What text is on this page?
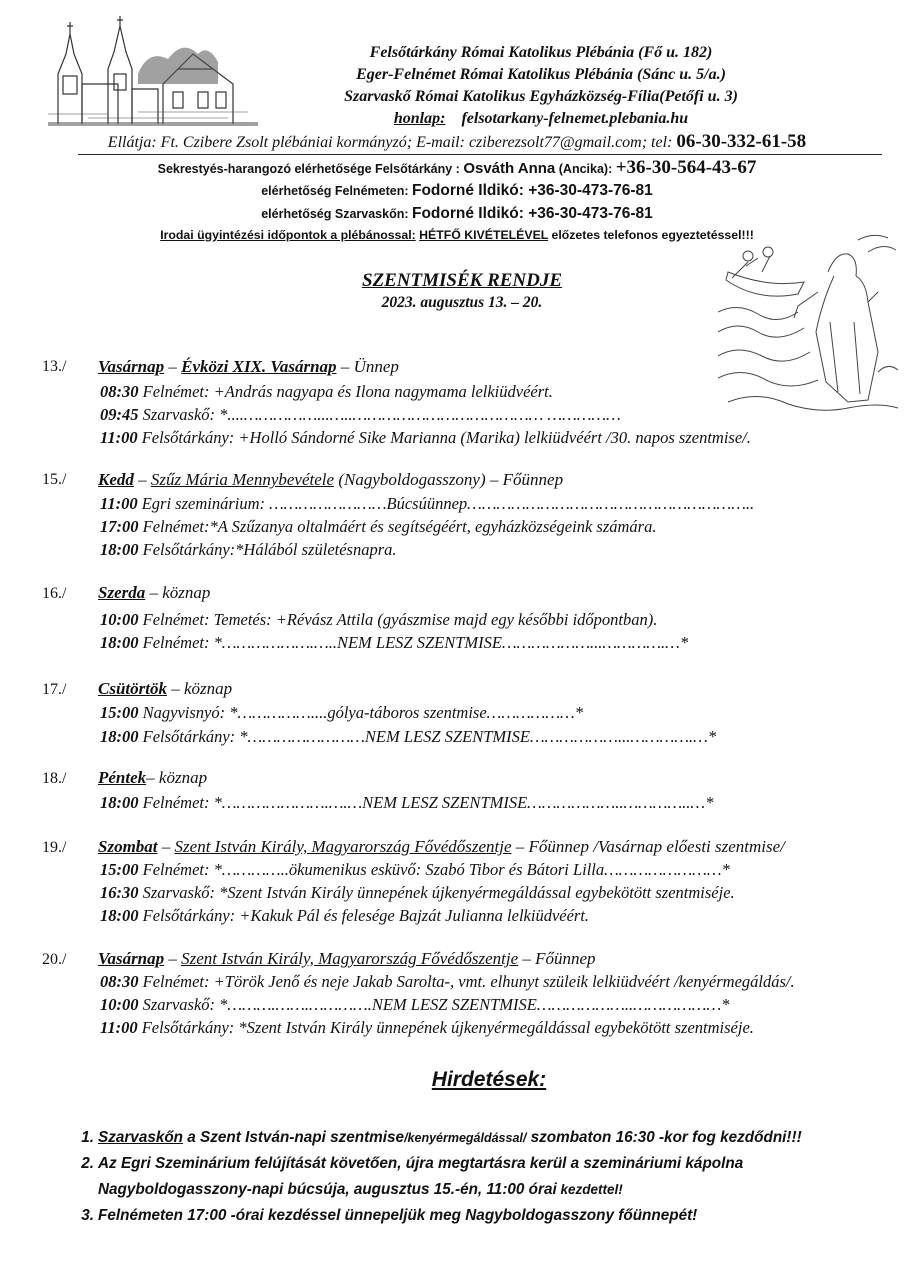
Felsőtárkány Római Katolikus Plébánia (Fő u. 182)
Eger-Felnémet Római Katolikus Plébánia (Sánc u. 5/a.)
Szarvaskő Római Katolikus Egyházközség-Fília(Petőfi u. 3)
honlap: felsotarkany-felnemet.plebania.hu
Ellátja: Ft. Czibere Zsolt plébániai kormányzó; E-mail: cziberezsolt77@gmail.com; tel: 06-30-332-61-58
Sekrestyés-harangozó elérhetősége Felsőtárkány : Osváth Anna (Ancika): +36-30-564-43-67
elérhetőség Felnémeten: Fodorné Ildikó: +36-30-473-76-81
elérhetőség Szarvaskőn: Fodorné Ildikó: +36-30-473-76-81
Irodai ügyintézési időpontok a plébánossal: HÉTFŐ KIVÉTELÉVEL előzetes telefonos egyeztetéssel!!!
SZENTMISÉK RENDJE
2023. augusztus 13. – 20.
13./ Vasárnap – Évközi XIX. Vasárnap – Ünnep
08:30 Felnémet: +András nagyapa és Ilona nagymama lelkiüdvéért.
09:45 Szarvaskő: *....……………...…..………………………………… ……………
11:00 Felsőtárkány: +Holló Sándorné Sike Marianna (Marika) lelkiüdvéért /30. napos szentmise/.
15./ Kedd – Szűz Mária Mennybevétele (Nagyboldogasszony) – Főünnep
11:00 Egri szeminárium: ……………………Búcsúünnep…………………………………………………..
17:00 Felnémet:*A Szűzanya oltalmáért és segítségéért, egyházközségeink számára.
18:00 Felsőtárkány:*Hálából születésnapra.
16./ Szerda – köznap
10:00 Felnémet: Temetés: +Révász Attila (gyászmise majd egy későbbi időpontban).
18:00 Felnémet: *……………….…..NEM LESZ SZENTMISE………………...………….…*
17./ Csütörtök – köznap
15:00 Nagyvisnyó: *……………....gólya-táboros szentmise………………*
18:00 Felsőtárkány: *……………………NEM LESZ SZENTMISE………………...………….…*
18./ Péntek– köznap
18:00 Felnémet: *………………….….…NEM LESZ SZENTMISE………………..…………..…*
19./ Szombat – Szent István Király, Magyarország Fővédőszentje – Főünnep /Vasárnap előesti szentmise/
15:00 Felnémet: *…………..ökumenikus esküvő: Szabó Tibor és Bátori Lilla……………………*
16:30 Szarvaskő: *Szent István Király ünnepének újkenyérmegáldással egybekötött szentmiséje.
18:00 Felsőtárkány: +Kakuk Pál és felesége Bajzát Julianna lelkiüdvéért.
20./ Vasárnap – Szent István Király, Magyarország Fővédőszentje – Főünnep
08:30 Felnémet: +Török Jenő és neje Jakab Sarolta-, vmt. elhunyt szüleik lelkiüdvéért /kenyérmegáldás/.
10:00 Szarvaskő: *……….…….………….NEM LESZ SZENTMISE………………..………………*
11:00 Felsőtárkány: *Szent István Király ünnepének újkenyérmegáldással egybekötött szentmiséje.
Hirdetések:
1. Szarvaskőn a Szent István-napi szentmise/kenyérmegáldással/ szombaton 16:30 -kor fog kezdődni!!!
2. Az Egri Szeminárium felújítását követően, újra megtartásra kerül a szemináriumi kápolna
Nagyboldogasszony-napi búcsúja, augusztus 15.-én, 11:00 órai kezdettel!
3. Felnémeten 17:00 -órai kezdéssel ünnepeljük meg Nagyboldogasszony főünnepét!
